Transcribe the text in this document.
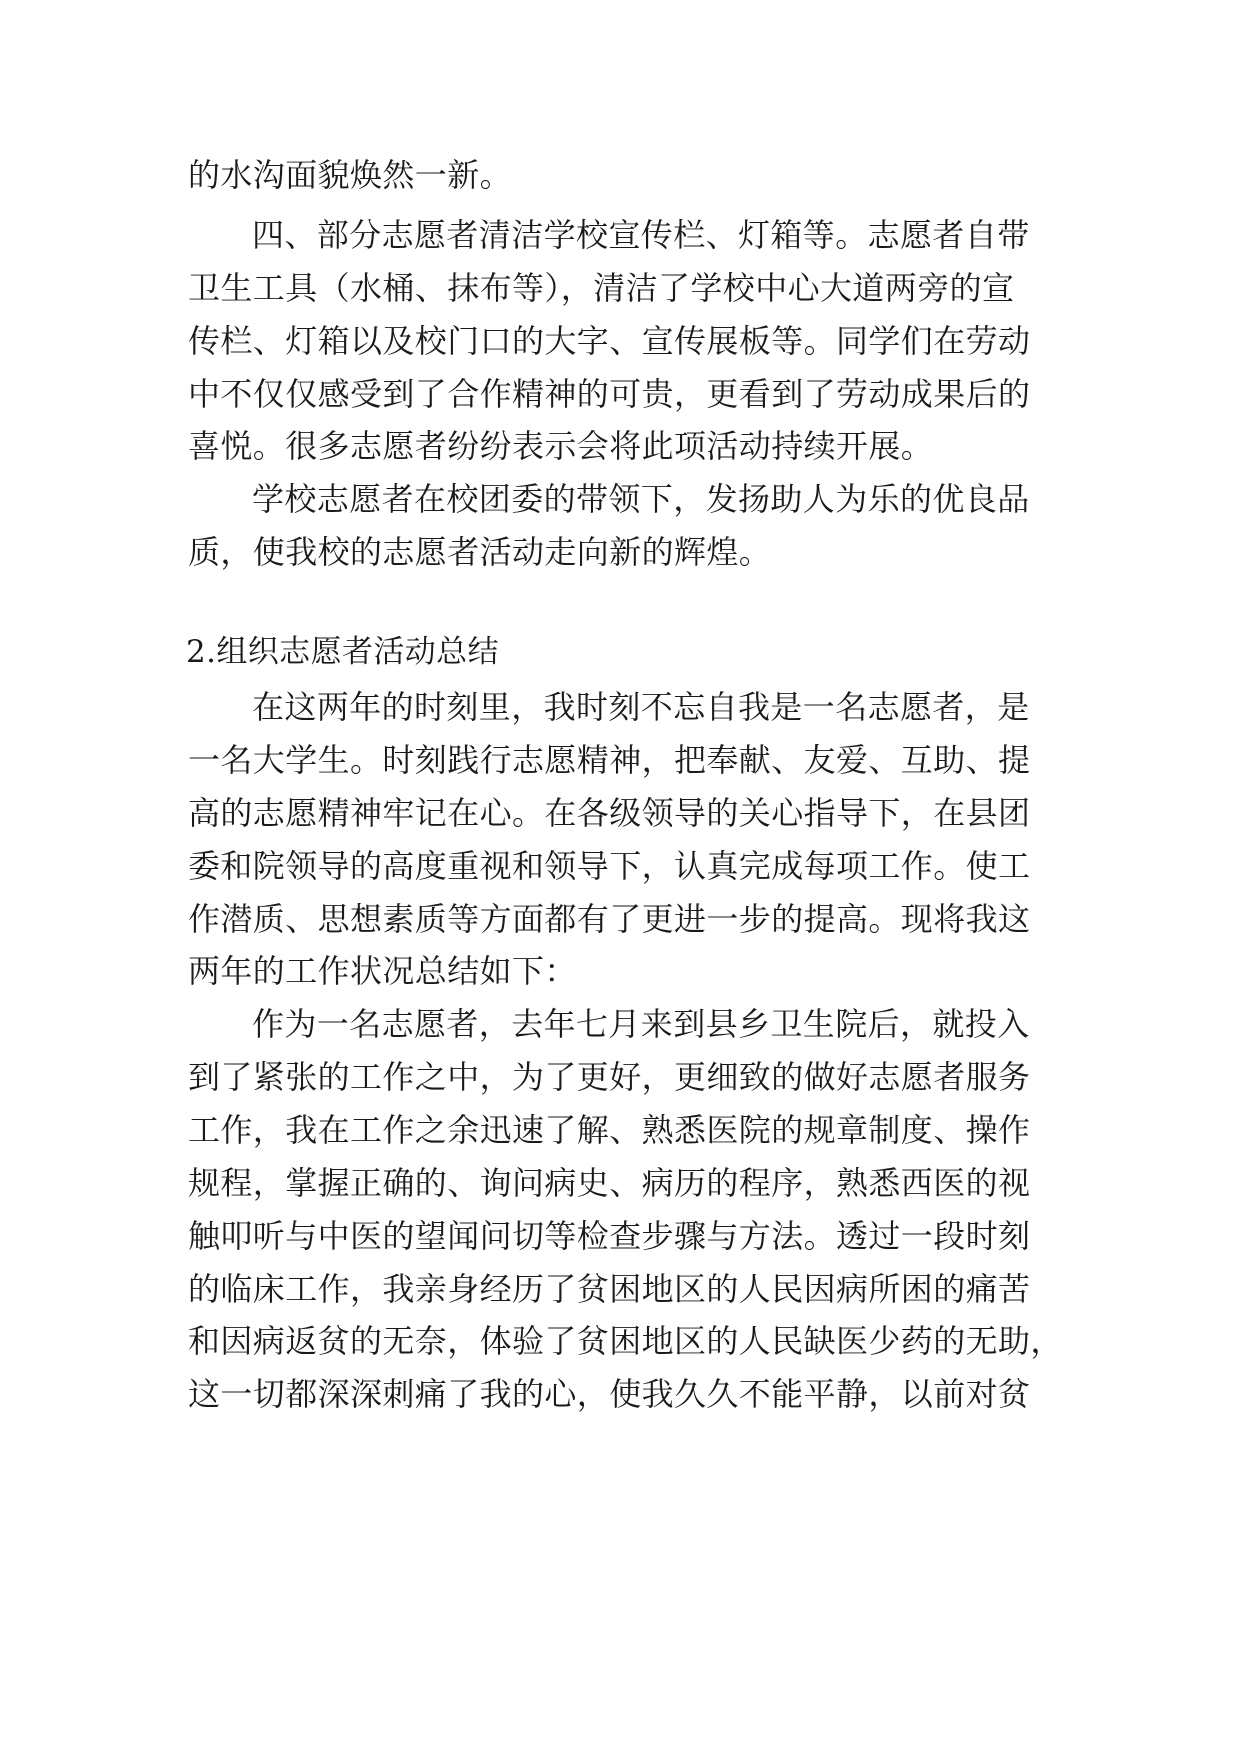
的水沟面貌焕然一新。
四、部分志愿者清洁学校宣传栏、灯箱等。志愿者自带
卫生工具（水桶、抹布等），清洁了学校中心大道两旁的宣
传栏、灯箱以及校门口的大字、宣传展板等。同学们在劳动
中不仅仅感受到了合作精神的可贵，更看到了劳动成果后的
喜悦。很多志愿者纷纷表示会将此项活动持续开展。
学校志愿者在校团委的带领下，发扬助人为乐的优良品
质，使我校的志愿者活动走向新的辉煌。
2.组织志愿者活动总结
在这两年的时刻里，我时刻不忘自我是一名志愿者，是
一名大学生。时刻践行志愿精神，把奉献、友爱、互助、提
高的志愿精神牢记在心。在各级领导的关心指导下，在县团
委和院领导的高度重视和领导下，认真完成每项工作。使工
作潜质、思想素质等方面都有了更进一步的提高。现将我这
两年的工作状况总结如下：
作为一名志愿者，去年七月来到县乡卫生院后，就投入
到了紧张的工作之中，为了更好，更细致的做好志愿者服务
工作，我在工作之余迅速了解、熟悉医院的规章制度、操作
规程，掌握正确的、询问病史、病历的程序，熟悉西医的视
触叩听与中医的望闻问切等检查步骤与方法。透过一段时刻
的临床工作，我亲身经历了贫困地区的人民因病所困的痛苦
和因病返贫的无奈，体验了贫困地区的人民缺医少药的无助，
这一切都深深刺痛了我的心，使我久久不能平静，以前对贫
